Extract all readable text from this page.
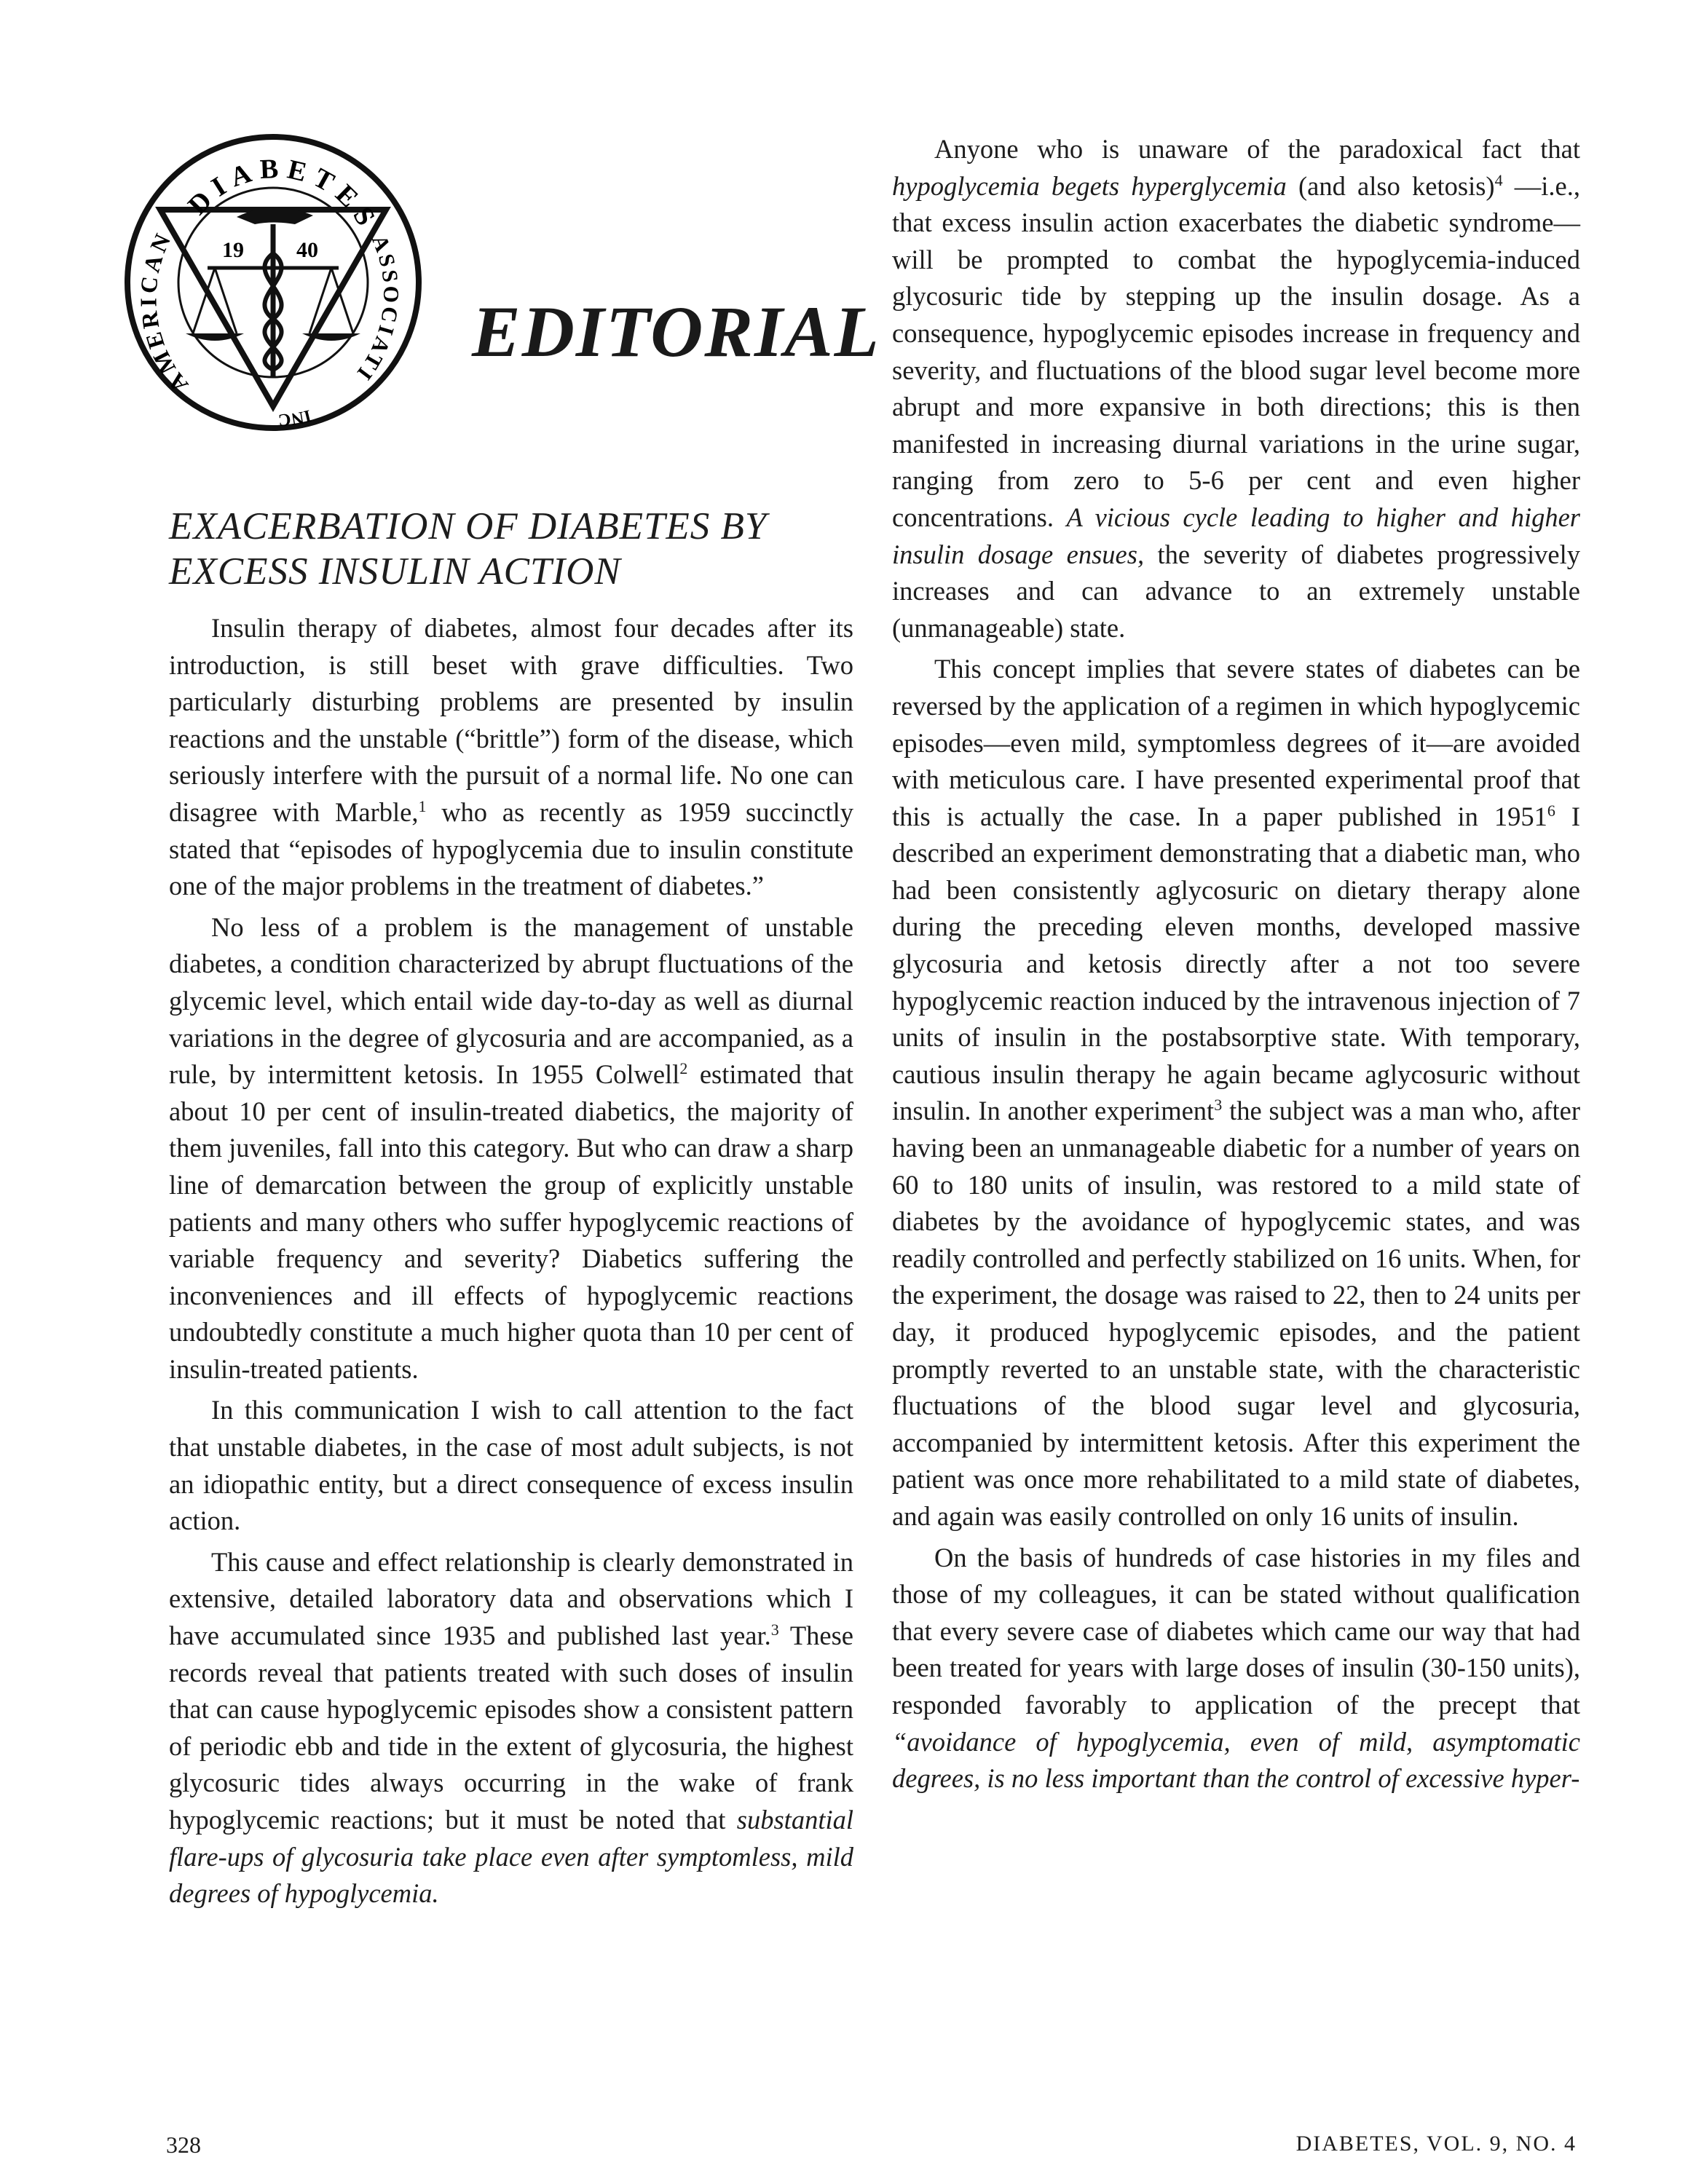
19 40
DIABETES
AMERICAN	ASSOCIATI
INC
EDITORIAL
EXACERBATION OF DIABETES BY
EXCESS INSULIN ACTION

Insulin therapy of diabetes, almost four decades after its introduction, is still beset with grave difficulties. Two particularly disturbing problems are presented by insulin reactions and the unstable (“brittle”) form of the disease, which seriously interfere with the pursuit of a normal life. No one can disagree with Marble,$^1$ who as recently as 1959 succinctly stated that “episodes of hypoglycemia due to insulin constitute one of the major problems in the treatment of diabetes.”

No less of a problem is the management of unstable diabetes, a condition characterized by abrupt fluctuations of the glycemic level, which entail wide day-to-day as well as diurnal variations in the degree of glycosuria and are accompanied, as a rule, by intermittent ketosis. In 1955 Colwell$^2$ estimated that about 10 per cent of insulin-treated diabetics, the majority of them juveniles, fall into this category. But who can draw a sharp line of demarcation between the group of explicitly unstable patients and many others who suffer hypoglycemic reactions of variable frequency and severity? Diabetics suffering the inconveniences and ill effects of hypoglycemic reactions undoubtedly constitute a much higher quota than 10 per cent of insulin-treated patients.

In this communication I wish to call attention to the fact that unstable diabetes, in the case of most adult subjects, is not an idiopathic entity, but a direct consequence of excess insulin action.

This cause and effect relationship is clearly demonstrated in extensive, detailed laboratory data and observations which I have accumulated since 1935 and published last year.$^3$ These records reveal that patients treated with such doses of insulin that can cause hypoglycemic episodes show a consistent pattern of periodic ebb and tide in the extent of glycosuria, the highest glycosuric tides always occurring in the wake of frank hypoglycemic reactions; but it must be noted that substantial flare-ups of glycosuria take place even after symptomless, mild degrees of hypoglycemia.

Anyone who is unaware of the paradoxical fact that hypoglycemia begets hyperglycemia (and also ketosis)$^4$ —i.e., that excess insulin action exacerbates the diabetic syndrome—will be prompted to combat the hypoglycemia-induced glycosuric tide by stepping up the insulin dosage. As a consequence, hypoglycemic episodes increase in frequency and severity, and fluctuations of the blood sugar level become more abrupt and more expansive in both directions; this is then manifested in increasing diurnal variations in the urine sugar, ranging from zero to 5-6 per cent and even higher concentrations. A vicious cycle leading to higher and higher insulin dosage ensues, the severity of diabetes progressively increases and can advance to an extremely unstable (unmanageable) state.

This concept implies that severe states of diabetes can be reversed by the application of a regimen in which hypoglycemic episodes—even mild, symptomless degrees of it—are avoided with meticulous care. I have presented experimental proof that this is actually the case. In a paper published in 1951$^6$ I described an experiment demonstrating that a diabetic man, who had been consistently aglycosuric on dietary therapy alone during the preceding eleven months, developed massive glycosuria and ketosis directly after a not too severe hypoglycemic reaction induced by the intravenous injection of 7 units of insulin in the postabsorptive state. With temporary, cautious insulin therapy he again became aglycosuric without insulin. In another experiment$^3$ the subject was a man who, after having been an unmanageable diabetic for a number of years on 60 to 180 units of insulin, was restored to a mild state of diabetes by the avoidance of hypoglycemic states, and was readily controlled and perfectly stabilized on 16 units. When, for the experiment, the dosage was raised to 22, then to 24 units per day, it produced hypoglycemic episodes, and the patient promptly reverted to an unstable state, with the characteristic fluctuations of the blood sugar level and glycosuria, accompanied by intermittent ketosis. After this experiment the patient was once more rehabilitated to a mild state of diabetes, and again was easily controlled on only 16 units of insulin.

On the basis of hundreds of case histories in my files and those of my colleagues, it can be stated without qualification that every severe case of diabetes which came our way that had been treated for years with large doses of insulin (30-150 units), responded favorably to application of the precept that “avoidance of hypoglycemia, even of mild, asymptomatic degrees, is no less important than the control of excessive hyper-

328	DIABETES, VOL. 9, NO. 4
